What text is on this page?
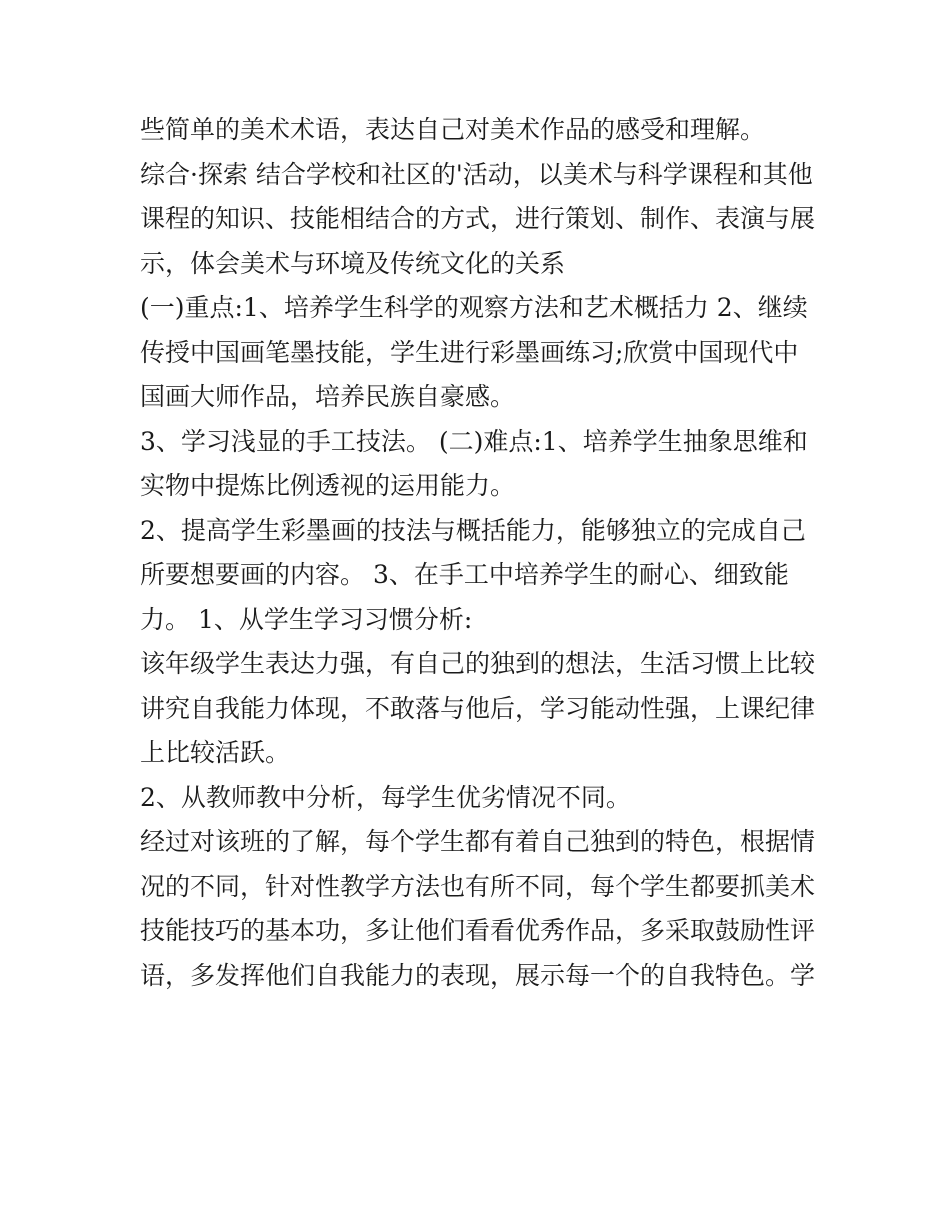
些简单的美术术语，表达自己对美术作品的感受和理解。
综合·探索 结合学校和社区的'活动，以美术与科学课程和其他
课程的知识、技能相结合的方式，进行策划、制作、表演与展
示，体会美术与环境及传统文化的关系
(一)重点:1、培养学生科学的观察方法和艺术概括力 2、继续
传授中国画笔墨技能，学生进行彩墨画练习;欣赏中国现代中
国画大师作品，培养民族自豪感。
3、学习浅显的手工技法。 (二)难点:1、培养学生抽象思维和
实物中提炼比例透视的运用能力。
2、提高学生彩墨画的技法与概括能力，能够独立的完成自己
所要想要画的内容。 3、在手工中培养学生的耐心、细致能
力。 1、从学生学习习惯分析:
该年级学生表达力强，有自己的独到的想法，生活习惯上比较
讲究自我能力体现，不敢落与他后，学习能动性强，上课纪律
上比较活跃。
2、从教师教中分析，每学生优劣情况不同。
经过对该班的了解，每个学生都有着自己独到的特色，根据情
况的不同，针对性教学方法也有所不同，每个学生都要抓美术
技能技巧的基本功，多让他们看看优秀作品，多采取鼓励性评
语，多发挥他们自我能力的表现，展示每一个的自我特色。学
